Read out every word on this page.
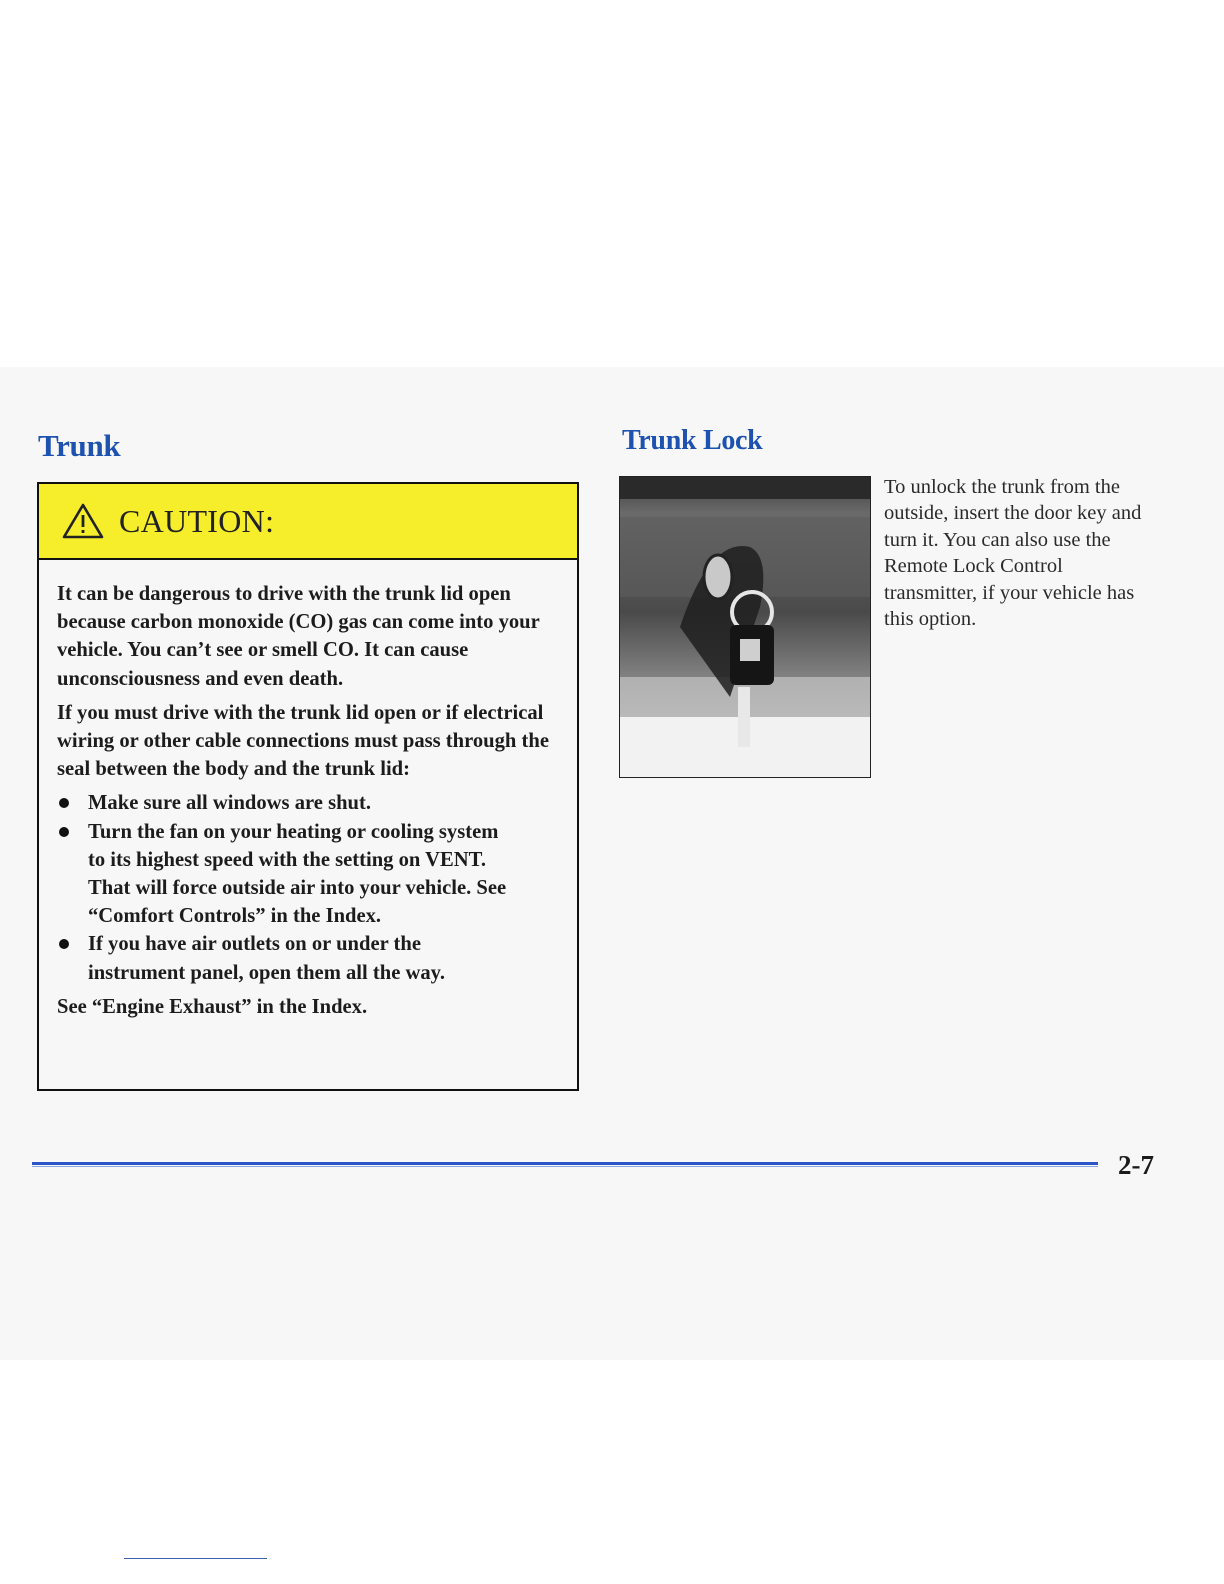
Trunk
CAUTION:

It can be dangerous to drive with the trunk lid open because carbon monoxide (CO) gas can come into your vehicle. You can’t see or smell CO. It can cause unconsciousness and even death.

If you must drive with the trunk lid open or if electrical wiring or other cable connections must pass through the seal between the body and the trunk lid:

Make sure all windows are shut.
Turn the fan on your heating or cooling system to its highest speed with the setting on VENT. That will force outside air into your vehicle. See “Comfort Controls” in the Index.
If you have air outlets on or under the instrument panel, open them all the way.

See “Engine Exhaust” in the Index.

Trunk Lock
To unlock the trunk from the outside, insert the door key and turn it. You can also use the Remote Lock Control transmitter, if your vehicle has this option.
2-7
